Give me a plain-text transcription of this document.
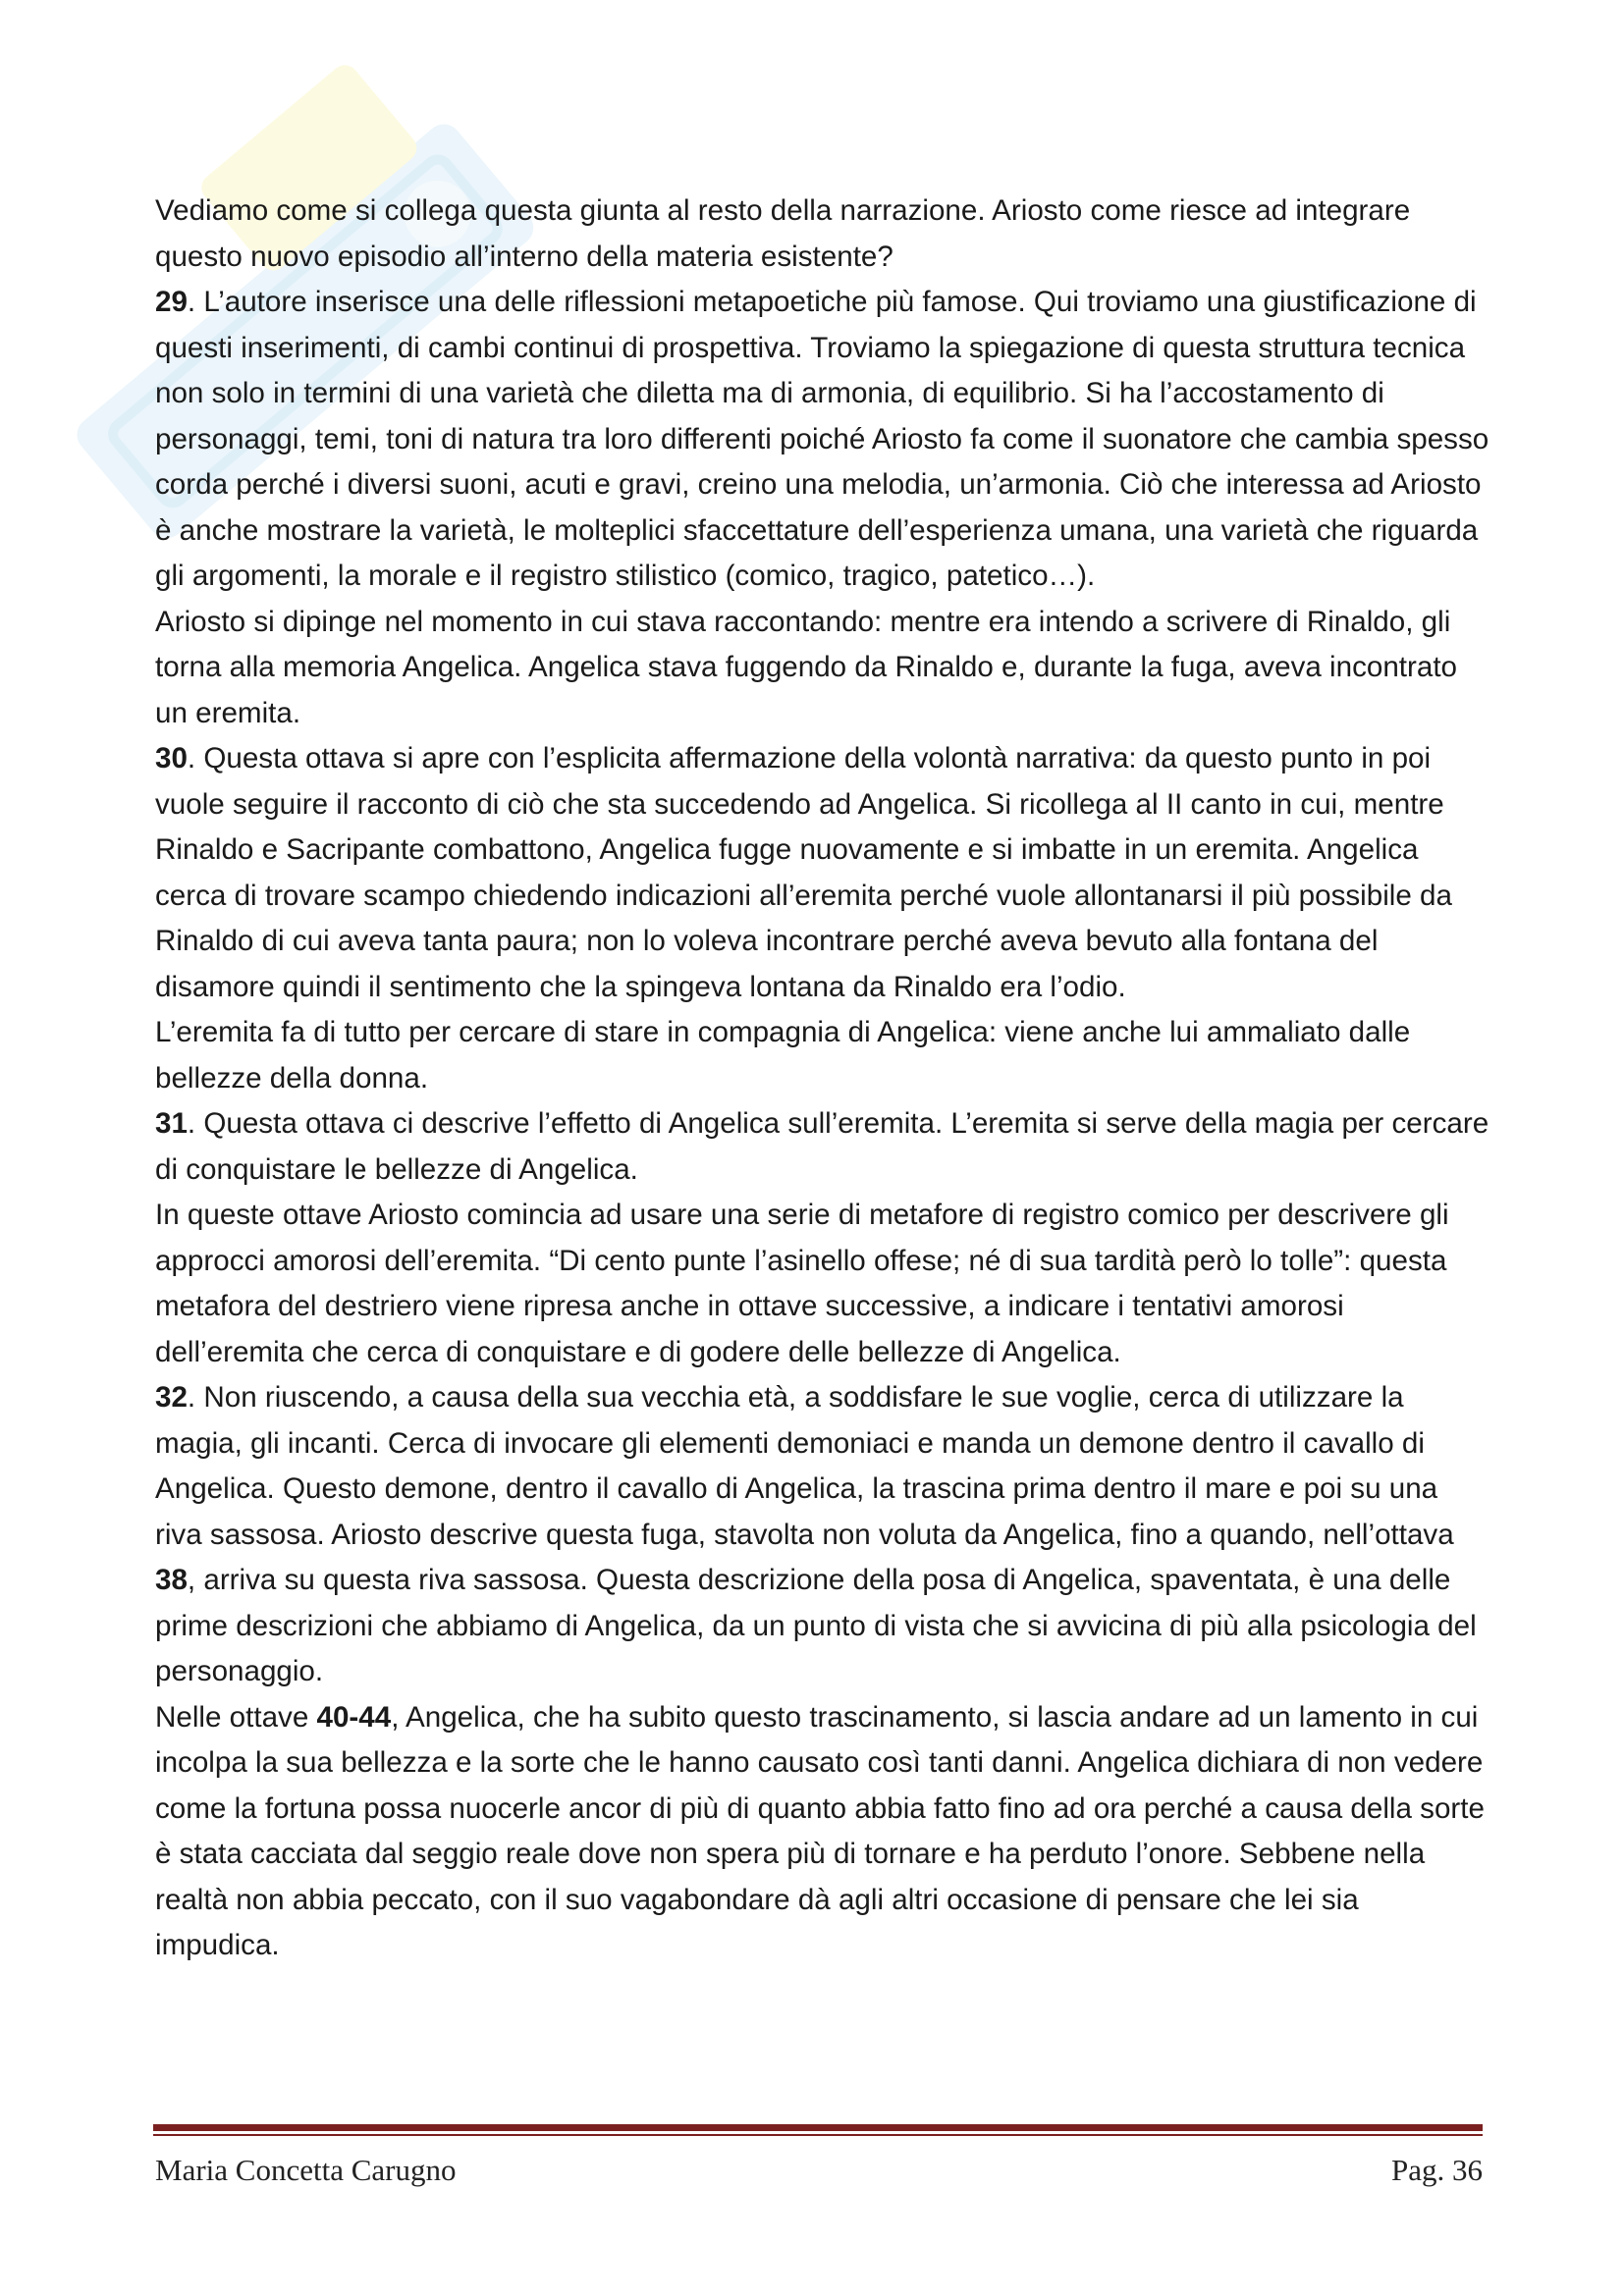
Vediamo come si collega questa giunta al resto della narrazione. Ariosto come riesce ad integrare questo nuovo episodio all’interno della materia esistente?

29. L’autore inserisce una delle riflessioni metapoetiche più famose. Qui troviamo una giustificazione di questi inserimenti, di cambi continui di prospettiva. Troviamo la spiegazione di questa struttura tecnica non solo in termini di una varietà che diletta ma di armonia, di equilibrio. Si ha l’accostamento di personaggi, temi, toni di natura tra loro differenti poiché Ariosto fa come il suonatore che cambia spesso corda perché i diversi suoni, acuti e gravi, creino una melodia, un’armonia. Ciò che interessa ad Ariosto è anche mostrare la varietà, le molteplici sfaccettature dell’esperienza umana, una varietà che riguarda gli argomenti, la morale e il registro stilistico (comico, tragico, patetico…).

Ariosto si dipinge nel momento in cui stava raccontando: mentre era intendo a scrivere di Rinaldo, gli torna alla memoria Angelica. Angelica stava fuggendo da Rinaldo e, durante la fuga, aveva incontrato un eremita.

30. Questa ottava si apre con l’esplicita affermazione della volontà narrativa: da questo punto in poi vuole seguire il racconto di ciò che sta succedendo ad Angelica. Si ricollega al II canto in cui, mentre Rinaldo e Sacripante combattono, Angelica fugge nuovamente e si imbatte in un eremita. Angelica cerca di trovare scampo chiedendo indicazioni all’eremita perché vuole allontanarsi il più possibile da Rinaldo di cui aveva tanta paura; non lo voleva incontrare perché aveva bevuto alla fontana del disamore quindi il sentimento che la spingeva lontana da Rinaldo era l’odio.

L’eremita fa di tutto per cercare di stare in compagnia di Angelica: viene anche lui ammaliato dalle bellezze della donna.

31. Questa ottava ci descrive l’effetto di Angelica sull’eremita. L’eremita si serve della magia per cercare di conquistare le bellezze di Angelica.

In queste ottave Ariosto comincia ad usare una serie di metafore di registro comico per descrivere gli approcci amorosi dell’eremita. “Di cento punte l’asinello offese; né di sua tardità però lo tolle”: questa metafora del destriero viene ripresa anche in ottave successive, a indicare i tentativi amorosi dell’eremita che cerca di conquistare e di godere delle bellezze di Angelica.

32. Non riuscendo, a causa della sua vecchia età, a soddisfare le sue voglie, cerca di utilizzare la magia, gli incanti. Cerca di invocare gli elementi demoniaci e manda un demone dentro il cavallo di Angelica. Questo demone, dentro il cavallo di Angelica, la trascina prima dentro il mare e poi su una riva sassosa. Ariosto descrive questa fuga, stavolta non voluta da Angelica, fino a quando, nell’ottava 38, arriva su questa riva sassosa. Questa descrizione della posa di Angelica, spaventata, è una delle prime descrizioni che abbiamo di Angelica, da un punto di vista che si avvicina di più alla psicologia del personaggio.

Nelle ottave 40-44, Angelica, che ha subito questo trascinamento, si lascia andare ad un lamento in cui incolpa la sua bellezza e la sorte che le hanno causato così tanti danni. Angelica dichiara di non vedere come la fortuna possa nuocerle ancor di più di quanto abbia fatto fino ad ora perché a causa della sorte è stata cacciata dal seggio reale dove non spera più di tornare e ha perduto l’onore. Sebbene nella realtà non abbia peccato, con il suo vagabondare dà agli altri occasione di pensare che lei sia impudica.

Maria Concetta Carugno	Pag. 36
